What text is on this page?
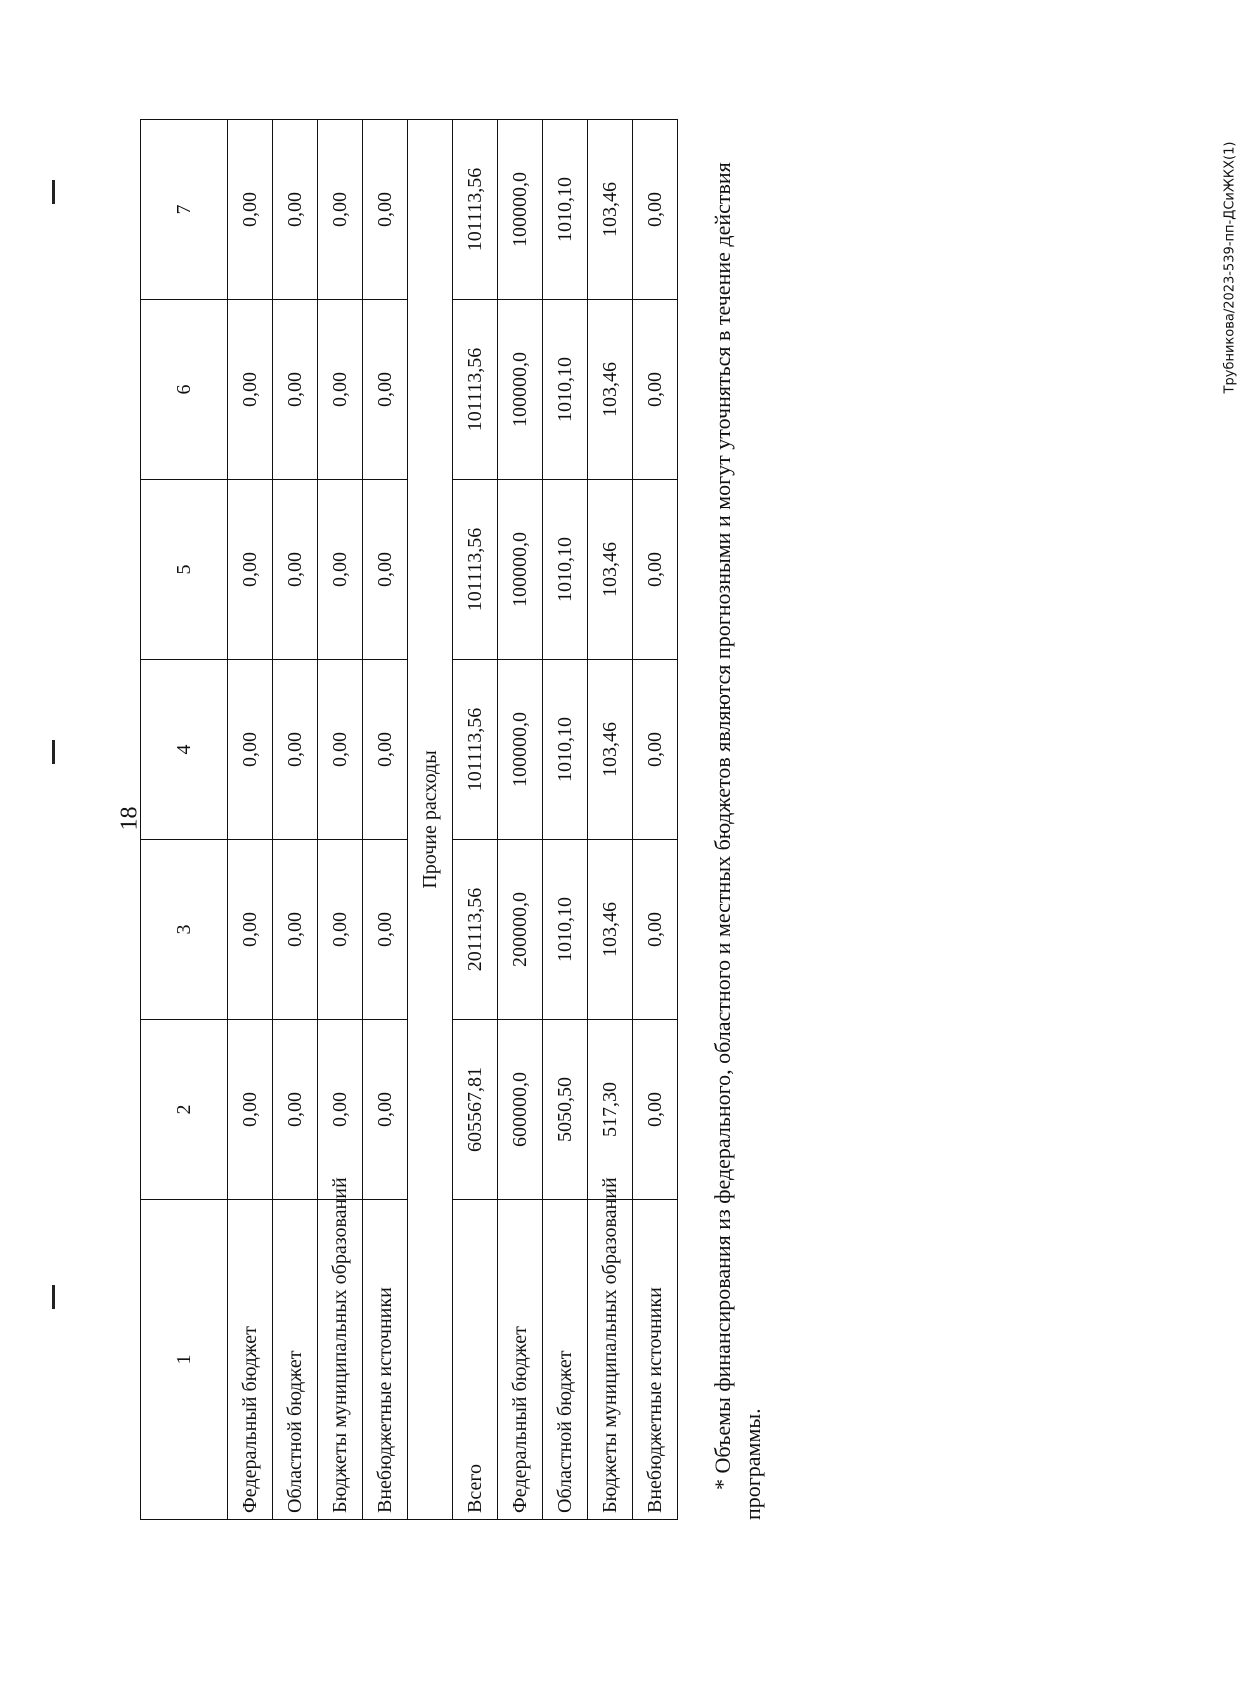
18
1	2	3	4	5	6	7
Федеральный бюджет	0,00	0,00	0,00	0,00	0,00	0,00
Областной бюджет	0,00	0,00	0,00	0,00	0,00	0,00
Бюджеты муниципальных образований	0,00	0,00	0,00	0,00	0,00	0,00
Внебюджетные источники	0,00	0,00	0,00	0,00	0,00	0,00
Прочие расходы						
Всего	605567,81	201113,56	101113,56	101113,56	101113,56	101113,56
Федеральный бюджет	600000,0	200000,0	100000,0	100000,0	100000,0	100000,0
Областной бюджет	5050,50	1010,10	1010,10	1010,10	1010,10	1010,10
Бюджеты муниципальных образований	517,30	103,46	103,46	103,46	103,46	103,46
Внебюджетные источники	0,00	0,00	0,00	0,00	0,00	0,00 * Объемы финансирования из федерального, областного и местных бюджетов являются прогнозными и могут уточняться в течение действия программы.
Трубникова/2023-539-пп-ДСиЖКХ(1)
